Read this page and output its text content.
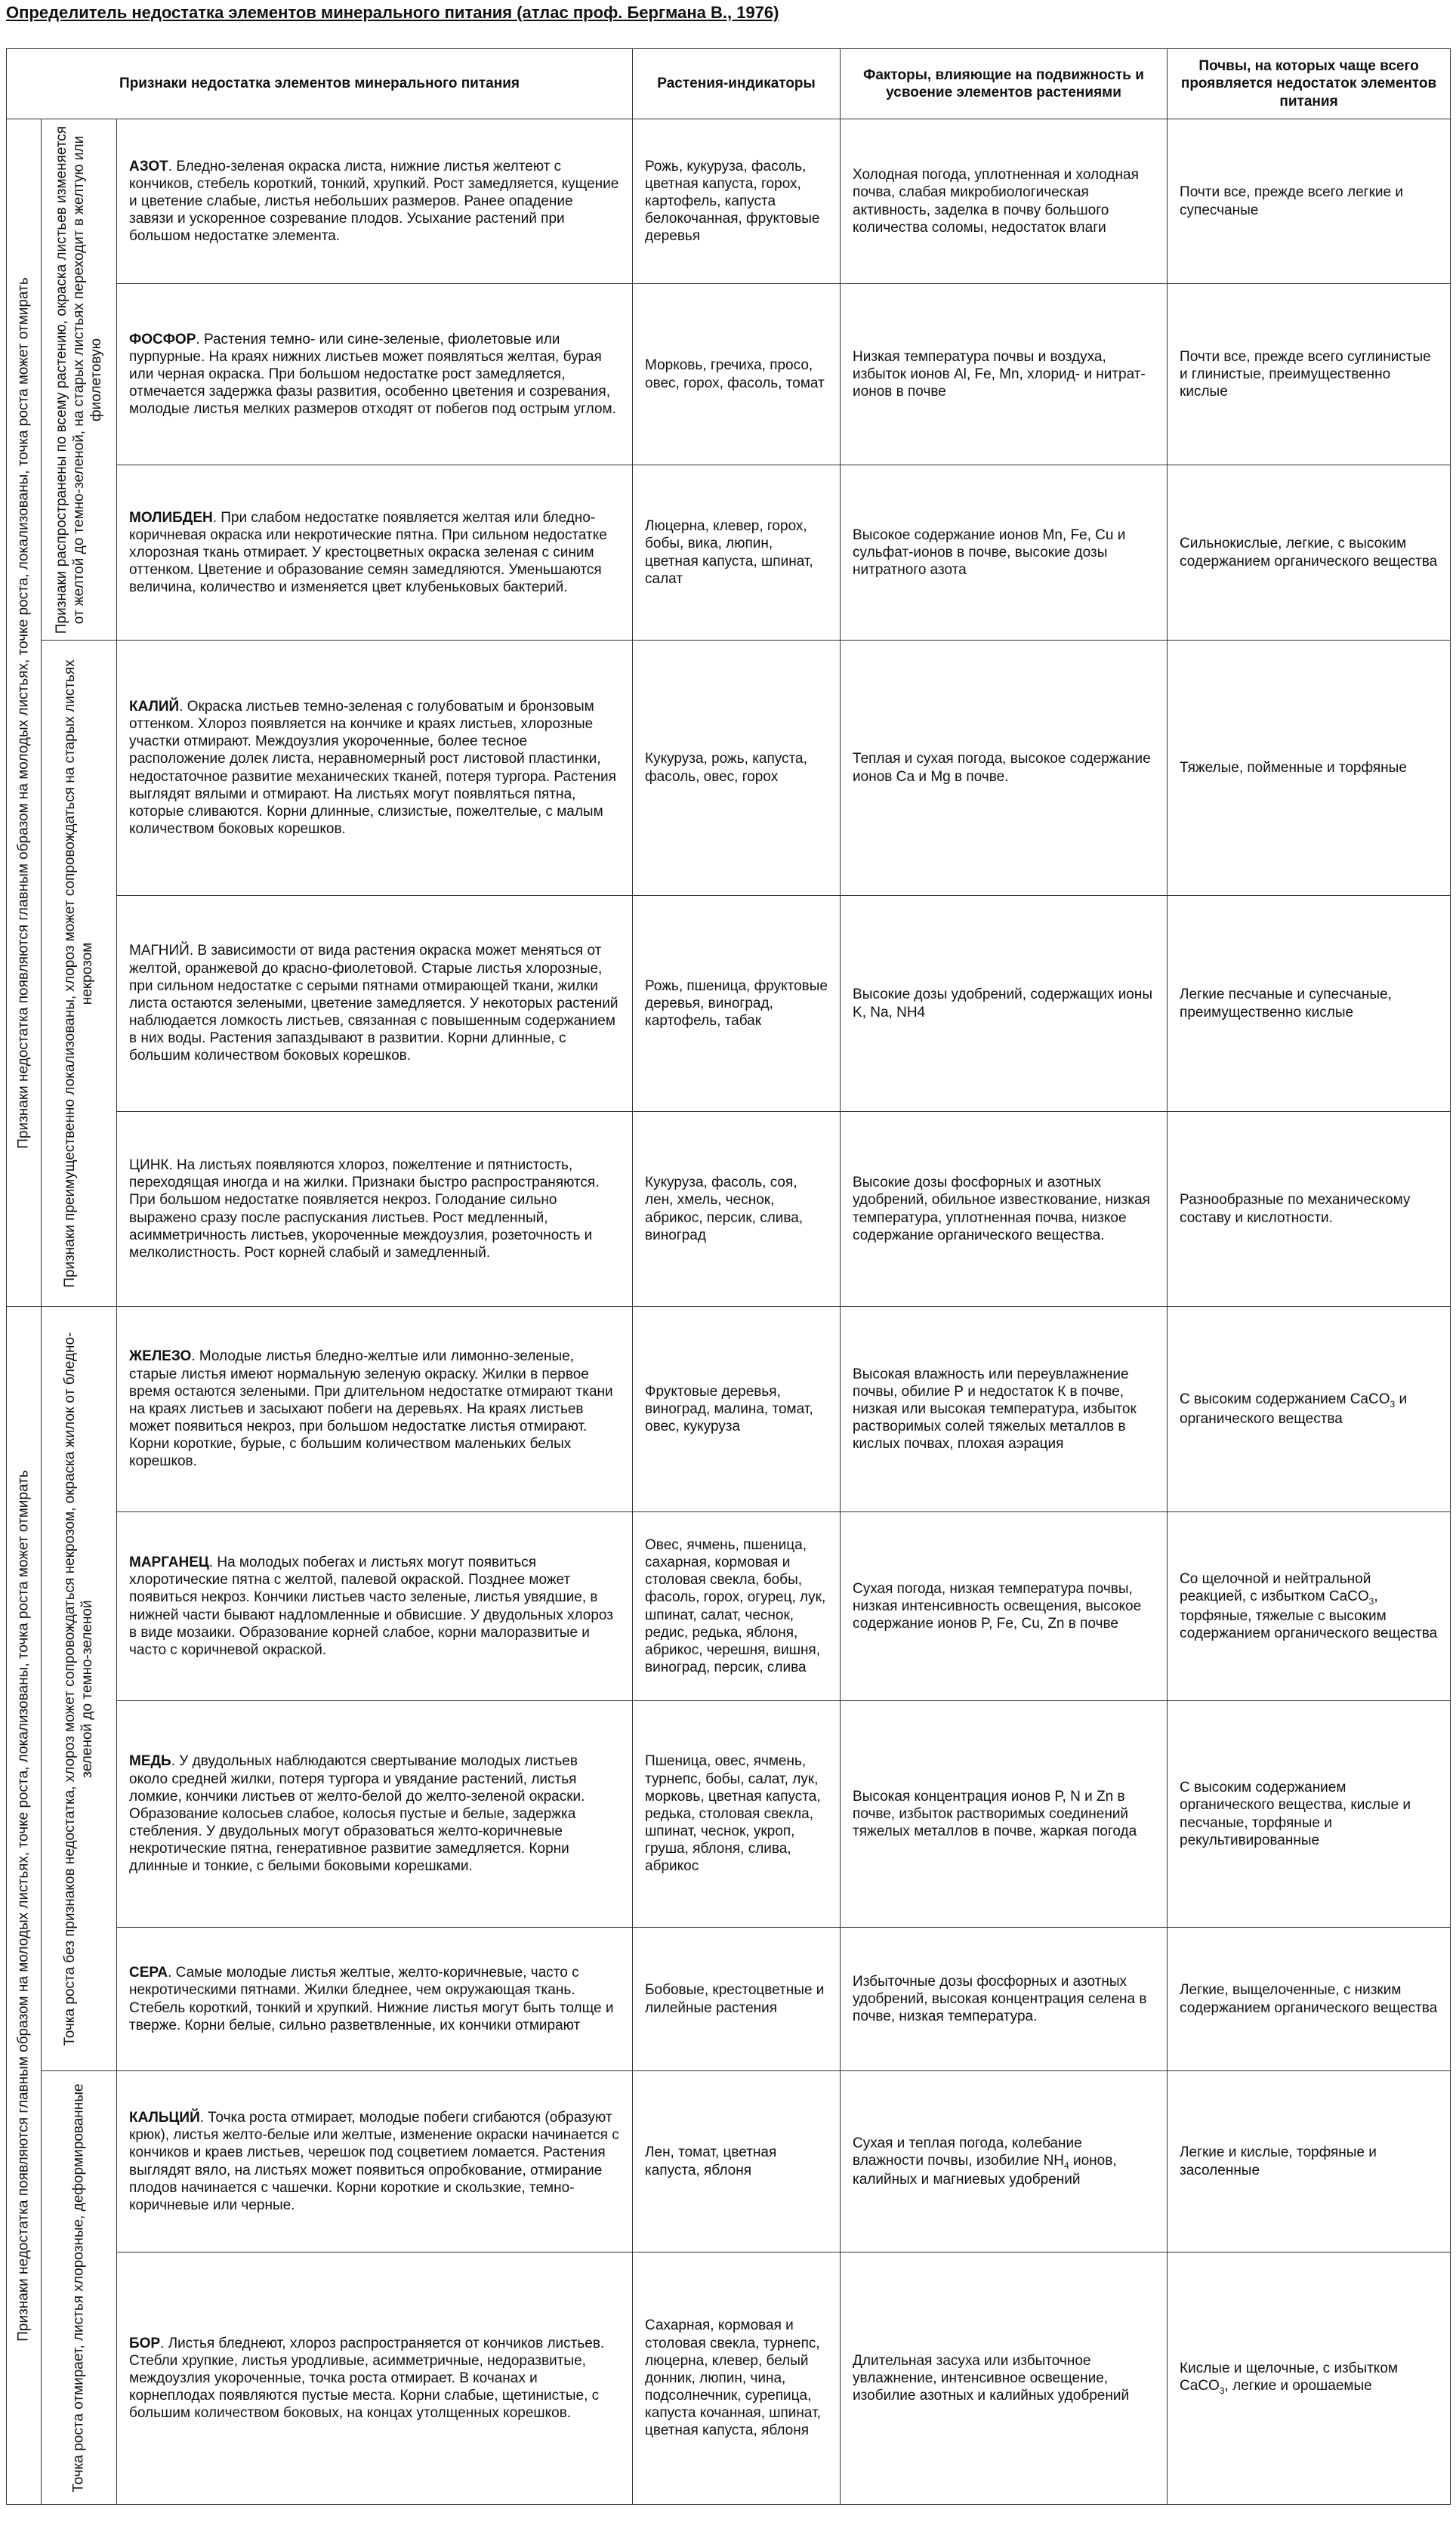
Определитель недостатка элементов минерального питания (атлас проф. Бергмана В., 1976)
Признаки недостатка элементов минерального питания			Растения-индикаторы	Факторы, влияющие на подвижность и усвоение элементов растениями	Почвы, на которых чаще всего проявляется недостаток элементов питания

Признаки недостатка появляются главным образом на молодых листьях, точке роста, локализованы, точка роста может отмирать	Признаки распространены по всему растению, окраска листьев изменяется от желтой до темно-зеленой, на старых листьях переходит в желтую или фиолетовую	АЗОТ. Бледно-зеленая окраска листа, нижние листья желтеют с кончиков, стебель короткий, тонкий, хрупкий. Рост замедляется, кущение и цветение слабые, листья небольших размеров. Ранее опадение завязи и ускоренное созревание плодов. Усыхание растений при большом недостатке элемента.	Рожь, кукуруза, фасоль, цветная капуста, горох, картофель, капуста белокочанная, фруктовые деревья	Холодная погода, уплотненная и холодная почва, слабая микробиологическая активность, заделка в почву большого количества соломы, недостаток влаги	Почти все, прежде всего легкие и супесчаные
		ФОСФОР. Растения темно- или сине-зеленые, фиолетовые или пурпурные. На краях нижних листьев может появляться желтая, бурая или черная окраска. При большом недостатке рост замедляется, отмечается задержка фазы развития, особенно цветения и созревания, молодые листья мелких размеров отходят от побегов под острым углом.	Морковь, гречиха, просо, овес, горох, фасоль, томат	Низкая температура почвы и воздуха, избыток ионов Al, Fe, Mn, хлорид- и нитрат-ионов в почве	Почти все, прежде всего суглинистые и глинистые, преимущественно кислые
		МОЛИБДЕН. При слабом недостатке появляется желтая или бледно-коричневая окраска или некротические пятна. При сильном недостатке хлорозная ткань отмирает. У крестоцветных окраска зеленая с синим оттенком. Цветение и образование семян замедляются. Уменьшаются величина, количество и изменяется цвет клубеньковых бактерий.	Люцерна, клевер, горох, бобы, вика, люпин, цветная капуста, шпинат, салат	Высокое содержание ионов Mn, Fe, Cu и сульфат-ионов в почве, высокие дозы нитратного азота	Сильнокислые, легкие, с высоким содержанием органического вещества

	Признаки преимущественно локализованы, хлороз может сопровождаться на старых листьях некрозом	КАЛИЙ. Окраска листьев темно-зеленая с голубоватым и бронзовым оттенком. Хлороз появляется на кончике и краях листьев, хлорозные участки отмирают. Междоузлия укороченные, более тесное расположение долек листа, неравномерный рост листовой пластинки, недостаточное развитие механических тканей, потеря тургора. Растения выглядят вялыми и отмирают. На листьях могут появляться пятна, которые сливаются. Корни длинные, слизистые, пожелтелые, с малым количеством боковых корешков.	Кукуруза, рожь, капуста, фасоль, овес, горох	Теплая и сухая погода, высокое содержание ионов Са и Mg в почве.	Тяжелые, пойменные и торфяные
		МАГНИЙ. В зависимости от вида растения окраска может меняться от желтой, оранжевой до красно-фиолетовой. Старые листья хлорозные, при сильном недостатке с серыми пятнами отмирающей ткани, жилки листа остаются зелеными, цветение замедляется. У некоторых растений наблюдается ломкость листьев, связанная с повышенным содержанием в них воды. Растения запаздывают в развитии. Корни длинные, с большим количеством боковых корешков.	Рожь, пшеница, фруктовые деревья, виноград, картофель, табак	Высокие дозы удобрений, содержащих ионы K, Na, NH4	Легкие песчаные и супесчаные, преимущественно кислые
		ЦИНК. На листьях появляются хлороз, пожелтение и пятнистость, переходящая иногда и на жилки. Признаки быстро распространяются. При большом недостатке появляется некроз. Голодание сильно выражено сразу после распускания листьев. Рост медленный, асимметричность листьев, укороченные междоузлия, розеточность и мелколистность. Рост корней слабый и замедленный.	Кукуруза, фасоль, соя, лен, хмель, чеснок, абрикос, персик, слива, виноград	Высокие дозы фосфорных и азотных удобрений, обильное известкование, низкая температура, уплотненная почва, низкое содержание органического вещества.	Разнообразные по механическому составу и кислотности.

Признаки недостатка появляются главным образом на молодых листьях, точке роста, локализованы, точка роста может отмирать	Точка роста без признаков недостатка, хлороз может сопровождаться некрозом, окраска жилок от бледно-зеленой до темно-зеленой	ЖЕЛЕЗО. Молодые листья бледно-желтые или лимонно-зеленые, старые листья имеют нормальную зеленую окраску. Жилки в первое время остаются зелеными. При длительном недостатке отмирают ткани на краях листьев и засыхают побеги на деревьях. На краях листьев может появиться некроз, при большом недостатке листья отмирают. Корни короткие, бурые, с большим количеством маленьких белых корешков.	Фруктовые деревья, виноград, малина, томат, овес, кукуруза	Высокая влажность или переувлажнение почвы, обилие Р и недостаток К в почве, низкая или высокая температура, избыток растворимых солей тяжелых металлов в кислых почвах, плохая аэрация	С высоким содержанием CaCO$_3$ и органического вещества
		МАРГАНЕЦ. На молодых побегах и листьях могут появиться хлоротические пятна с желтой, палевой окраской. Позднее может появиться некроз. Кончики листьев часто зеленые, листья увядшие, в нижней части бывают надломленные и обвисшие. У двудольных хлороз в виде мозаики. Образование корней слабое, корни малоразвитые и часто с коричневой окраской.	Овес, ячмень, пшеница, сахарная, кормовая и столовая свекла, бобы, фасоль, горох, огурец, лук, шпинат, салат, чеснок, редис, редька, яблоня, абрикос, черешня, вишня, виноград, персик, слива	Сухая погода, низкая температура почвы, низкая интенсивность освещения, высокое содержание ионов P, Fe, Cu, Zn в почве	Со щелочной и нейтральной реакцией, с избытком CaCO$_3$, торфяные, тяжелые с высоким содержанием органического вещества
		МЕДЬ. У двудольных наблюдаются свертывание молодых листьев около средней жилки, потеря тургора и увядание растений, листья ломкие, кончики листьев от желто-белой до желто-зеленой окраски. Образование колосьев слабое, колосья пустые и белые, задержка стебления. У двудольных могут образоваться желто-коричневые некротические пятна, генеративное развитие замедляется. Корни длинные и тонкие, с белыми боковыми корешками.	Пшеница, овес, ячмень, турнепс, бобы, салат, лук, морковь, цветная капуста, редька, столовая свекла, шпинат, чеснок, укроп, груша, яблоня, слива, абрикос	Высокая концентрация ионов P, N и Zn в почве, избыток растворимых соединений тяжелых металлов в почве, жаркая погода	С высоким содержанием органического вещества, кислые и песчаные, торфяные и рекультивированные
		СЕРА. Самые молодые листья желтые, желто-коричневые, часто с некротическими пятнами. Жилки бледнее, чем окружающая ткань. Стебель короткий, тонкий и хрупкий. Нижние листья могут быть толще и тверже. Корни белые, сильно разветвленные, их кончики отмирают	Бобовые, крестоцветные и лилейные растения	Избыточные дозы фосфорных и азотных удобрений, высокая концентрация селена в почве, низкая температура.	Легкие, выщелоченные, с низким содержанием органического вещества

	Точка роста отмирает, листья хлорозные, деформированные	КАЛЬЦИЙ. Точка роста отмирает, молодые побеги сгибаются (образуют крюк), листья желто-белые или желтые, изменение окраски начинается с кончиков и краев листьев, черешок под соцветием ломается. Растения выглядят вяло, на листьях может появиться опробкование, отмирание плодов начинается с чашечки. Корни короткие и скользкие, темно-коричневые или черные.	Лен, томат, цветная капуста, яблоня	Сухая и теплая погода, колебание влажности почвы, изобилие $NH_4$ ионов, калийных и магниевых удобрений	Легкие и кислые, торфяные и засоленные
		БОР. Листья бледнеют, хлороз распространяется от кончиков листьев. Стебли хрупкие, листья уродливые, асимметричные, недоразвитые, междоузлия укороченные, точка роста отмирает. В кочанах и корнеплодах появляются пустые места. Корни слабые, щетинистые, с большим количеством боковых, на концах утолщенных корешков.	Сахарная, кормовая и столовая свекла, турнепс, люцерна, клевер, белый донник, люпин, чина, подсолнечник, сурепица, капуста кочанная, шпинат, цветная капуста, яблоня	Длительная засуха или избыточное увлажнение, интенсивное освещение, изобилие азотных и калийных удобрений	Кислые и щелочные, с избытком CaCO$_3$, легкие и орошаемые
